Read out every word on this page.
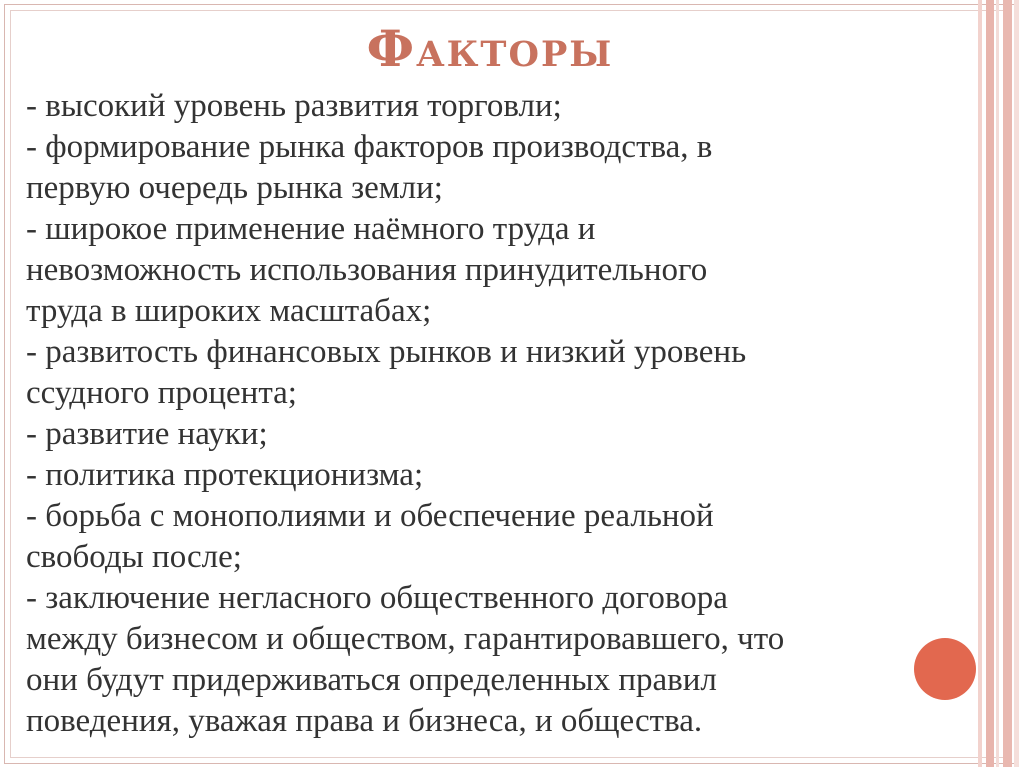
Факторы
- высокий уровень развития торговли;
- формирование рынка факторов производства, в
первую очередь рынка земли;
- широкое применение наёмного труда и
невозможность использования принудительного
труда в широких масштабах;
- развитость финансовых рынков и низкий уровень
ссудного процента;
- развитие науки;
- политика протекционизма;
- борьба с монополиями и обеспечение реальной
свободы после;
- заключение негласного общественного договора
между бизнесом и обществом, гарантировавшего, что
они будут придерживаться определенных правил
поведения, уважая права и бизнеса, и общества.
